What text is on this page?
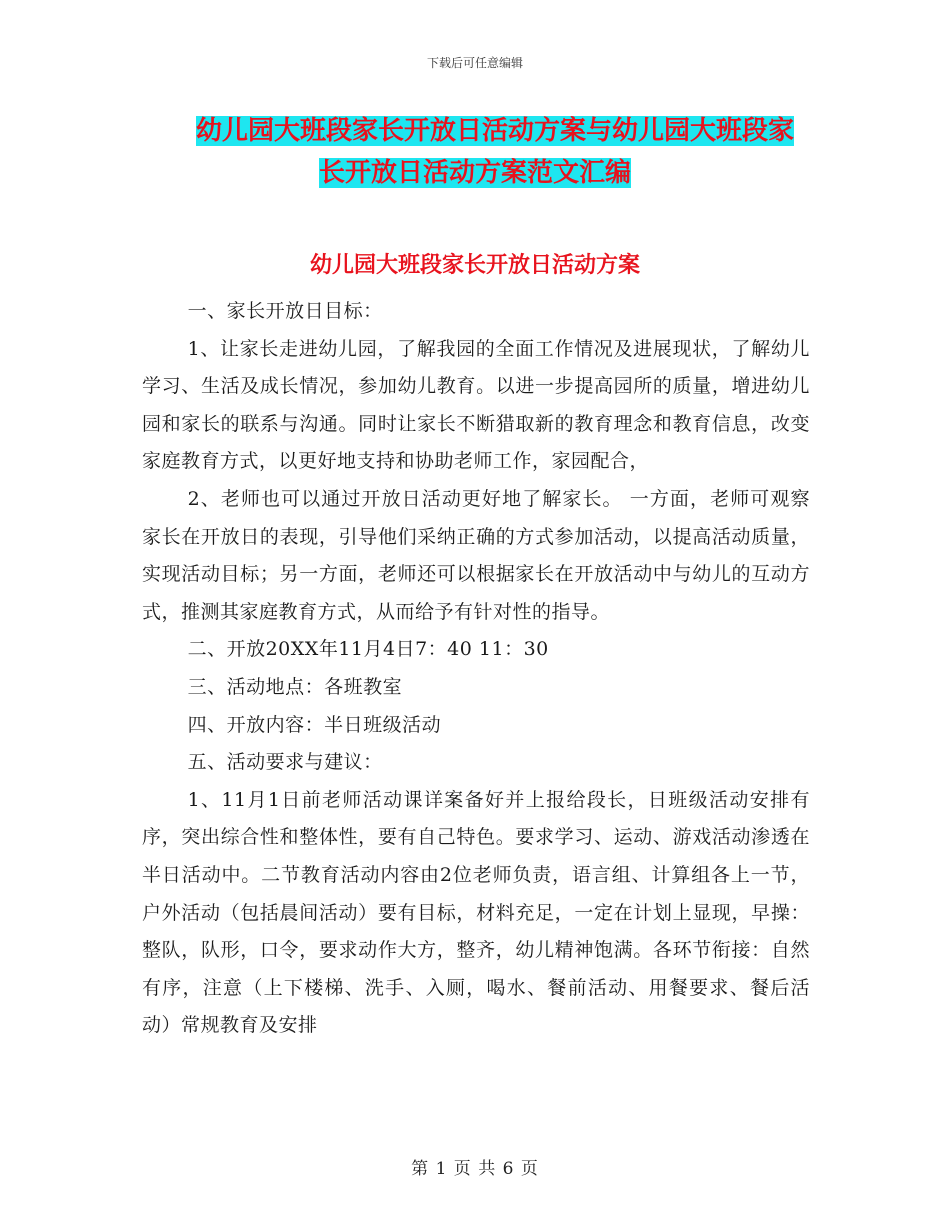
下载后可任意编辑
幼儿园大班段家长开放日活动方案与幼儿园大班段家
长开放日活动方案范文汇编
幼儿园大班段家长开放日活动方案

一、家长开放日目标：

1、让家长走进幼儿园，了解我园的全面工作情况及进展现状，了解幼儿学习、生活及成长情况，参加幼儿教育。以进一步提高园所的质量，增进幼儿园和家长的联系与沟通。同时让家长不断猎取新的教育理念和教育信息，改变家庭教育方式，以更好地支持和协助老师工作，家园配合，

2、老师也可以通过开放日活动更好地了解家长。 一方面，老师可观察家长在开放日的表现，引导他们采纳正确的方式参加活动，以提高活动质量，实现活动目标；另一方面，老师还可以根据家长在开放活动中与幼儿的互动方式，推测其家庭教育方式，从而给予有针对性的指导。

二、开放20XX年11月4日7：40 11：30

三、活动地点：各班教室

四、开放内容：半日班级活动

五、活动要求与建议：

1、11月1日前老师活动课详案备好并上报给段长，日班级活动安排有序，突出综合性和整体性，要有自己特色。要求学习、运动、游戏活动渗透在半日活动中。二节教育活动内容由2位老师负责，语言组、计算组各上一节，户外活动（包括晨间活动）要有目标，材料充足，一定在计划上显现，早操：整队，队形，口令，要求动作大方，整齐，幼儿精神饱满。各环节衔接：自然有序，注意（上下楼梯、洗手、入厕，喝水、餐前活动、用餐要求、餐后活动）常规教育及安排

第 1 页 共 6 页
